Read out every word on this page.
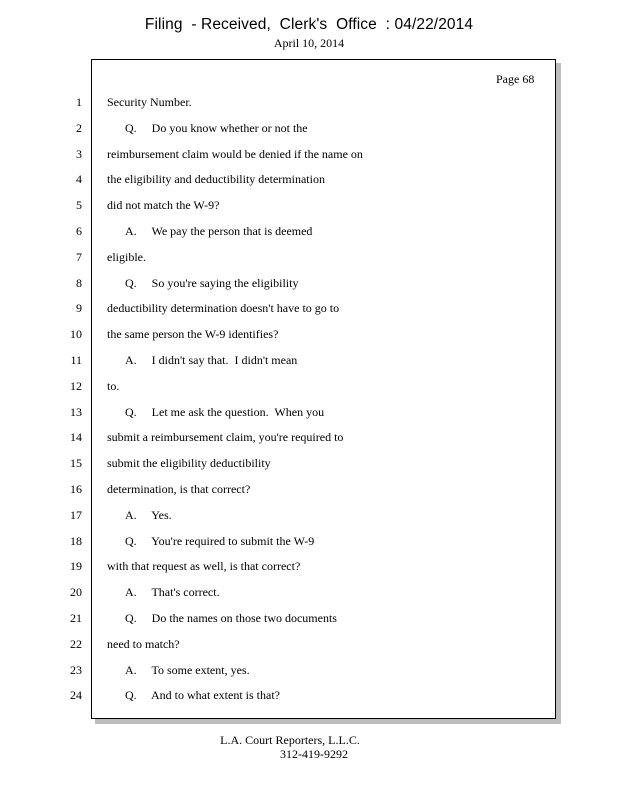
Filing  - Received,  Clerk's  Office  : 04/22/2014
April 10, 2014
Page 68
1 Security Number.
2	Q.     Do you know whether or not the
3 reimbursement claim would be denied if the name on
4 the eligibility and deductibility determination
5 did not match the W-9?
6	A.     We pay the person that is deemed
7 eligible.
8	Q.     So you're saying the eligibility
9 deductibility determination doesn't have to go to
10 the same person the W-9 identifies?
11	A.     I didn't say that.  I didn't mean
12 to.
13	Q.     Let me ask the question.  When you
14 submit a reimbursement claim, you're required to
15 submit the eligibility deductibility
16 determination, is that correct?
17	A.     Yes.
18	Q.     You're required to submit the W-9
19 with that request as well, is that correct?
20	A.     That's correct.
21	Q.     Do the names on those two documents
22 need to match?
23	A.     To some extent, yes.
24	Q.     And to what extent is that?
L.A. Court Reporters, L.L.C.
312-419-9292
